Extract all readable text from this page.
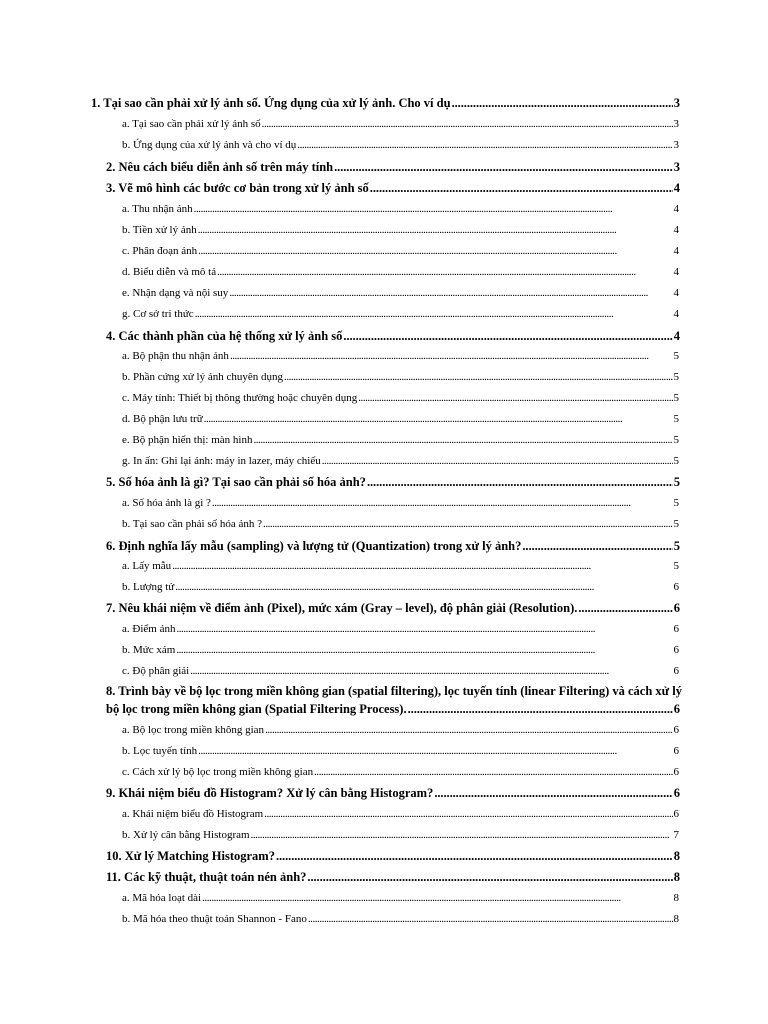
1. Tại sao cần phải xử lý ảnh số. Ứng dụng của xử lý ảnh. Cho ví dụ . . .	3
a. Tại sao cần phải xử lý ảnh số . . .	3
b. Ứng dụng của xử lý ảnh và cho ví dụ . . .	3
2. Nêu cách biểu diễn ảnh số trên máy tính . . .	3
3. Vẽ mô hình các bước cơ bản trong xử lý ảnh số . . .	4
a. Thu nhận ảnh . . .	4
b. Tiền xử lý ảnh . . .	4
c. Phân đoạn ảnh . . .	4
d. Biểu diễn và mô tả . . .	4
e. Nhận dạng và nội suy . . .	4
g. Cơ sở tri thức . . .	4
4. Các thành phần của hệ thống xử lý ảnh số . . .	4
a. Bộ phận thu nhận ảnh . . .	5
b. Phần cứng xử lý ảnh chuyên dụng . . .	5
c. Máy tính: Thiết bị thông thường hoặc chuyên dụng . . .	5
d. Bộ phận lưu trữ . . .	5
e. Bộ phận hiển thị: màn hình . . .	5
g. In ấn: Ghi lại ảnh: máy in lazer, máy chiếu . . .	5
5. Số hóa ảnh là gì? Tại sao cần phải số hóa ảnh? . . .	5
a. Số hóa ảnh là gì ? . . .	5
b. Tại sao cần phải số hóa ảnh ? . . .	5
6. Định nghĩa lấy mẫu (sampling) và lượng tử (Quantization) trong xử lý ảnh? . . .	5
a. Lấy mẫu . . .	5
b. Lượng tử . . .	6
7. Nêu khái niệm về điểm ảnh (Pixel), mức xám (Gray – level), độ phân giải (Resolution). . . .	6
a. Điểm ảnh . . .	6
b. Mức xám . . .	6
c. Độ phân giải . . .	6
8. Trình bày về bộ lọc trong miền không gian (spatial filtering), lọc tuyến tính (linear Filtering) và cách xử lý
bộ lọc trong miền không gian (Spatial Filtering Process). . . .	6
a. Bộ lọc trong miền không gian . . .	6
b. Lọc tuyến tính . . .	6
c. Cách xử lý bộ lọc trong miền không gian . . .	6
9. Khái niệm biểu đồ Histogram? Xử lý cân bằng Histogram? . . .	6
a. Khái niệm biểu đồ Histogram . . .	6
b. Xử lý cân bằng Histogram . . .	7
10. Xử lý Matching Histogram? . . .	8
11. Các kỹ thuật, thuật toán nén ảnh? . . .	8
a. Mã hóa loạt dài . . .	8
b. Mã hóa theo thuật toán Shannon - Fano . . .	8
